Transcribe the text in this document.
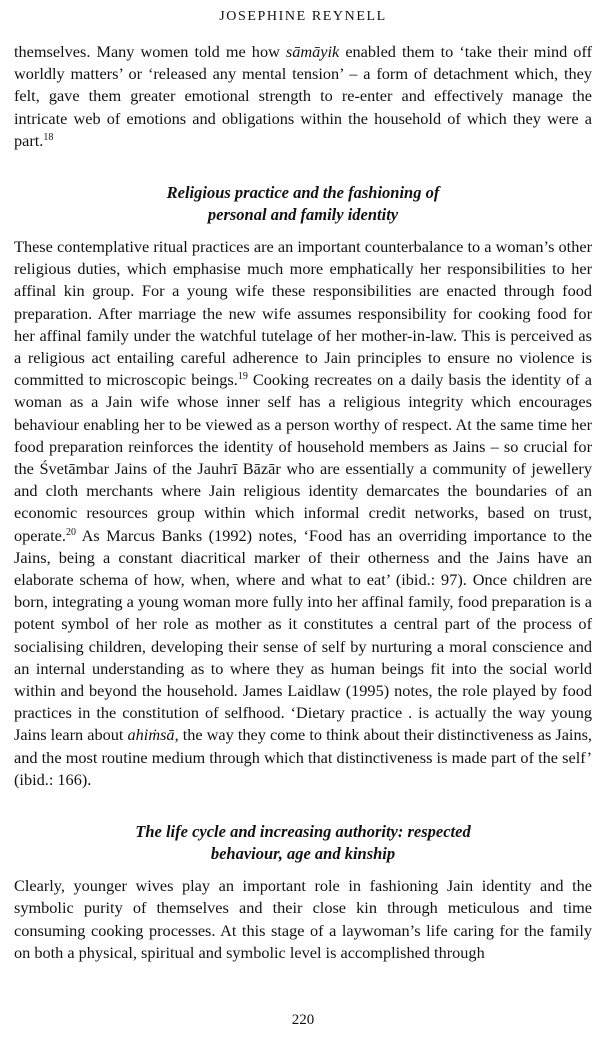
JOSEPHINE REYNELL

themselves. Many women told me how sāmāyik enabled them to ‘take their mind off worldly matters’ or ‘released any mental tension’ – a form of detachment which, they felt, gave them greater emotional strength to re-enter and effectively manage the intricate web of emotions and obligations within the household of which they were a part.$^{18}$

Religious practice and the fashioning of
personal and family identity

These contemplative ritual practices are an important counterbalance to a woman’s other religious duties, which emphasise much more emphatically her responsibilities to her affinal kin group. For a young wife these responsibilities are enacted through food preparation. After marriage the new wife assumes responsibility for cooking food for her affinal family under the watchful tutelage of her mother-in-law. This is perceived as a religious act entailing careful adherence to Jain principles to ensure no violence is committed to microscopic beings.$^{19}$ Cooking recreates on a daily basis the identity of a woman as a Jain wife whose inner self has a religious integrity which encourages behaviour enabling her to be viewed as a person worthy of respect. At the same time her food preparation reinforces the identity of household members as Jains – so crucial for the Śvetāmbar Jains of the Jauhrī Bāzār who are essentially a community of jewellery and cloth merchants where Jain religious identity demarcates the boundaries of an economic resources group within which informal credit networks, based on trust, operate.$^{20}$ As Marcus Banks (1992) notes, ‘Food has an overriding importance to the Jains, being a constant diacritical marker of their otherness and the Jains have an elaborate schema of how, when, where and what to eat’ (ibid.: 97). Once children are born, integrating a young woman more fully into her affinal family, food preparation is a potent symbol of her role as mother as it constitutes a central part of the process of socialising children, developing their sense of self by nurturing a moral conscience and an internal understanding as to where they as human beings fit into the social world within and beyond the household. James Laidlaw (1995) notes, the role played by food practices in the constitution of selfhood. ‘Dietary practice . is actually the way young Jains learn about ahiṁsā, the way they come to think about their distinctiveness as Jains, and the most routine medium through which that distinctiveness is made part of the self’ (ibid.: 166).

The life cycle and increasing authority: respected
behaviour, age and kinship

Clearly, younger wives play an important role in fashioning Jain identity and the symbolic purity of themselves and their close kin through meticulous and time consuming cooking processes. At this stage of a laywoman’s life caring for the family on both a physical, spiritual and symbolic level is accomplished through

220
